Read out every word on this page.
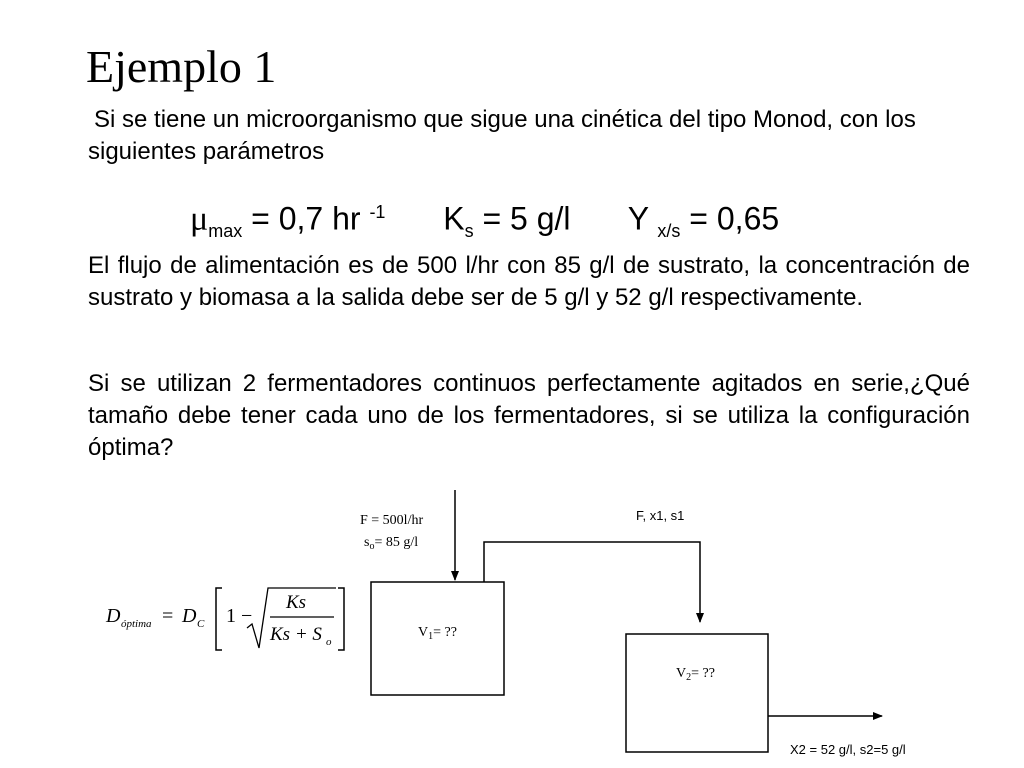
Ejemplo 1
Si se tiene un microorganismo que sigue una cinética del tipo Monod, con los siguientes parámetros
$\mu_{max} = 0,7$ hr $^{-1}$ $K_s = 5$ g/l Y $_{x/s}$ = 0,65
El flujo de alimentación es de 500 l/hr con 85 g/l de sustrato, la concentración de sustrato y biomasa a la salida debe ser de 5 g/l y 52 g/l respectivamente.
Si se utilizan 2 fermentadores continuos perfectamente agitados en serie,¿Qué tamaño debe tener cada uno de los fermentadores, si se utiliza la configuración óptima?
F = 500l/hr
$s_o= 85$ g/l
$V_1=$ ??
F, x1, s1
$V_2=$ ??
X2 = 52 g/l, s2=5 g/l
D óptima = D C 1 −
Ks
Ks + S o
